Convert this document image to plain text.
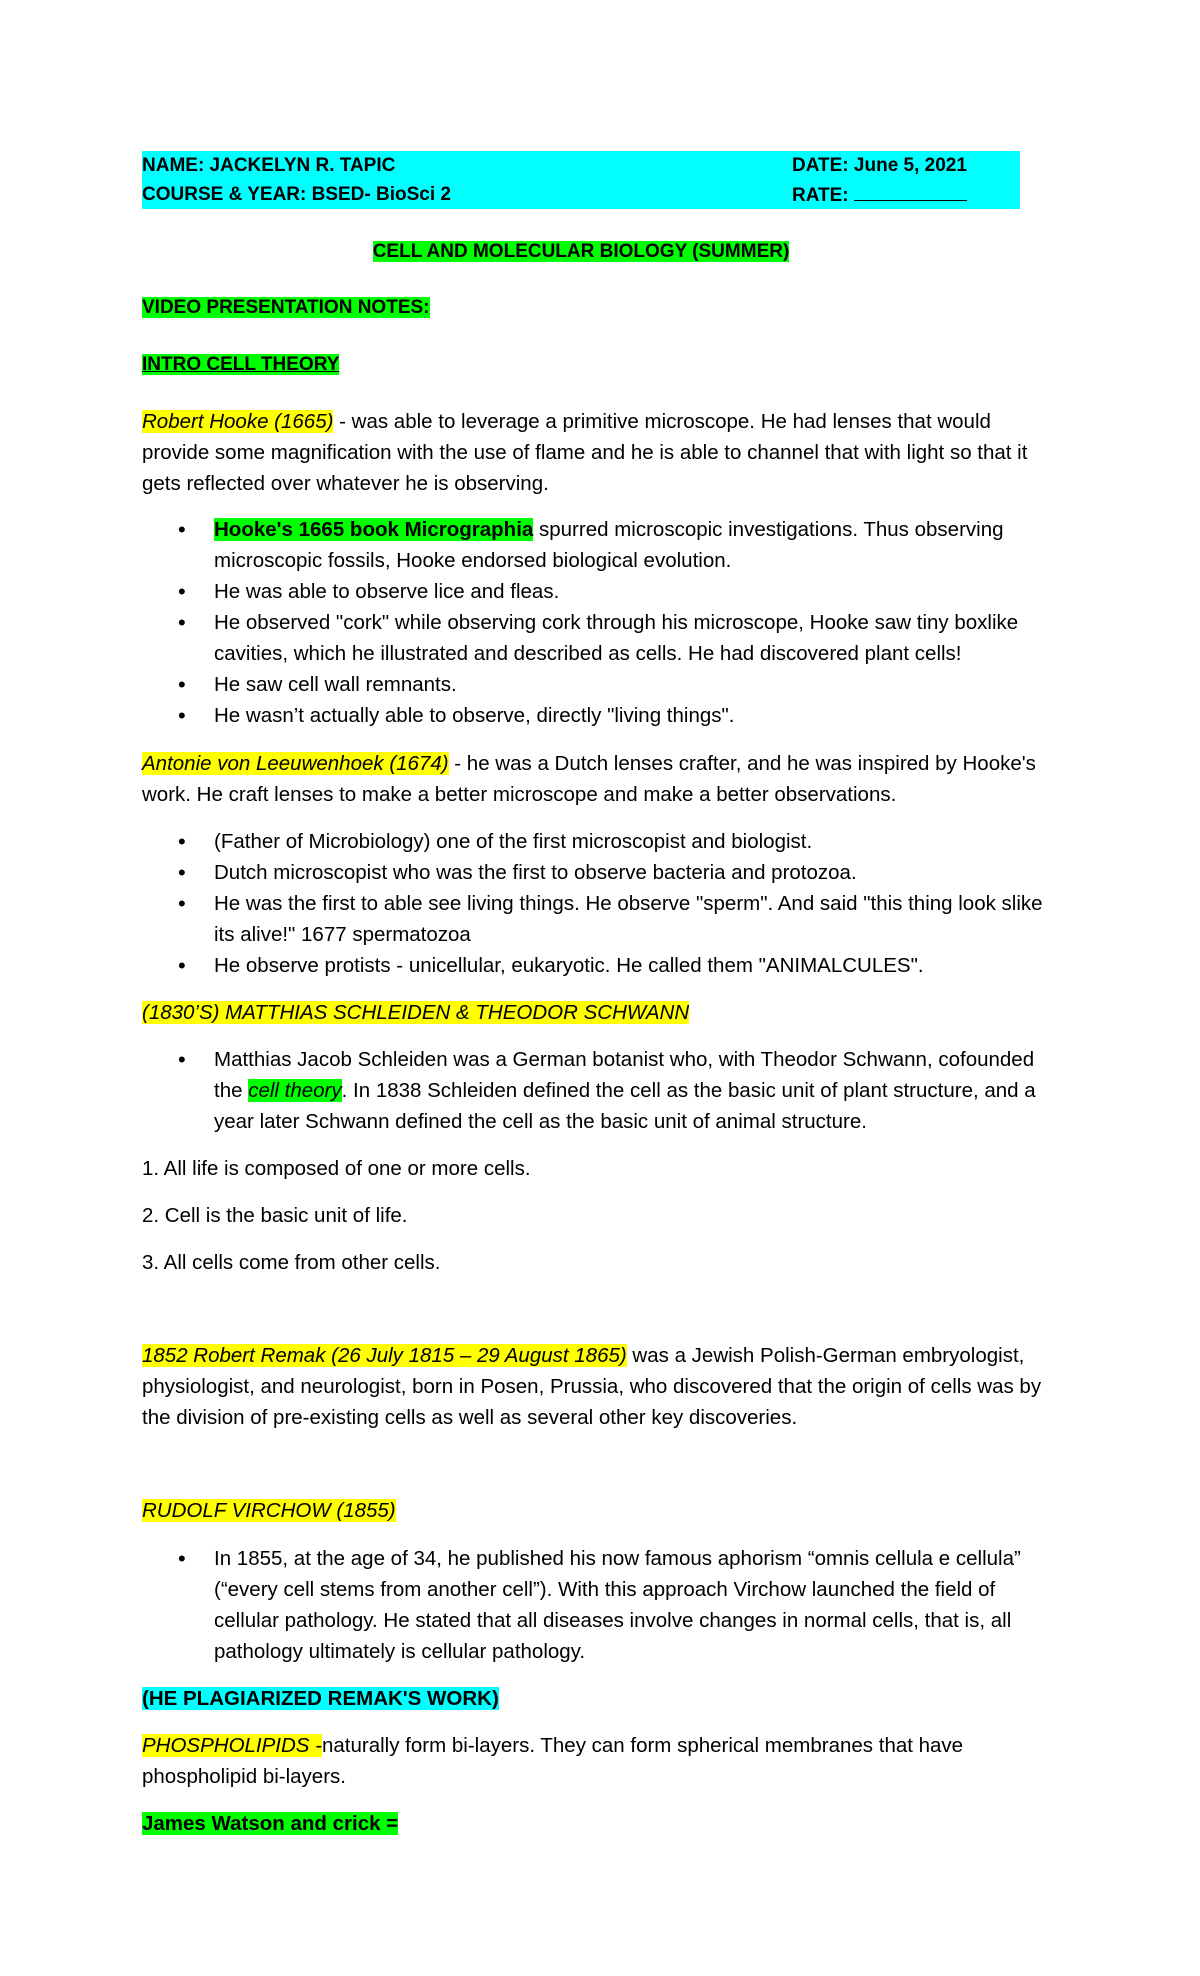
NAME: JACKELYN R. TAPIC	DATE: June 5, 2021
COURSE & YEAR: BSED- BioSci 2	RATE:
CELL AND MOLECULAR BIOLOGY (SUMMER)
VIDEO PRESENTATION NOTES:
INTRO CELL THEORY
Robert Hooke (1665) - was able to leverage a primitive microscope. He had lenses that would provide some magnification with the use of flame and he is able to channel that with light so that it gets reflected over whatever he is observing.
• Hooke's 1665 book Micrographia spurred microscopic investigations. Thus observing microscopic fossils, Hooke endorsed biological evolution.
• He was able to observe lice and fleas.
• He observed "cork" while observing cork through his microscope, Hooke saw tiny boxlike cavities, which he illustrated and described as cells. He had discovered plant cells!
• He saw cell wall remnants.
• He wasn’t actually able to observe, directly "living things".
Antonie von Leeuwenhoek (1674) - he was a Dutch lenses crafter, and he was inspired by Hooke's work. He craft lenses to make a better microscope and make a better observations.
• (Father of Microbiology) one of the first microscopist and biologist.
• Dutch microscopist who was the first to observe bacteria and protozoa.
• He was the first to able see living things. He observe "sperm". And said "this thing look slike its alive!" 1677 spermatozoa
• He observe protists - unicellular, eukaryotic. He called them "ANIMALCULES".
(1830’S) MATTHIAS SCHLEIDEN & THEODOR SCHWANN
• Matthias Jacob Schleiden was a German botanist who, with Theodor Schwann, cofounded the cell theory. In 1838 Schleiden defined the cell as the basic unit of plant structure, and a year later Schwann defined the cell as the basic unit of animal structure.
1. All life is composed of one or more cells.
2. Cell is the basic unit of life.
3. All cells come from other cells.
1852 Robert Remak (26 July 1815 – 29 August 1865) was a Jewish Polish-German embryologist, physiologist, and neurologist, born in Posen, Prussia, who discovered that the origin of cells was by the division of pre-existing cells as well as several other key discoveries.
RUDOLF VIRCHOW (1855)
• In 1855, at the age of 34, he published his now famous aphorism “omnis cellula e cellula” (“every cell stems from another cell”). With this approach Virchow launched the field of cellular pathology. He stated that all diseases involve changes in normal cells, that is, all pathology ultimately is cellular pathology.
(HE PLAGIARIZED REMAK'S WORK)
PHOSPHOLIPIDS -naturally form bi-layers. They can form spherical membranes that have phospholipid bi-layers.
James Watson and crick =
